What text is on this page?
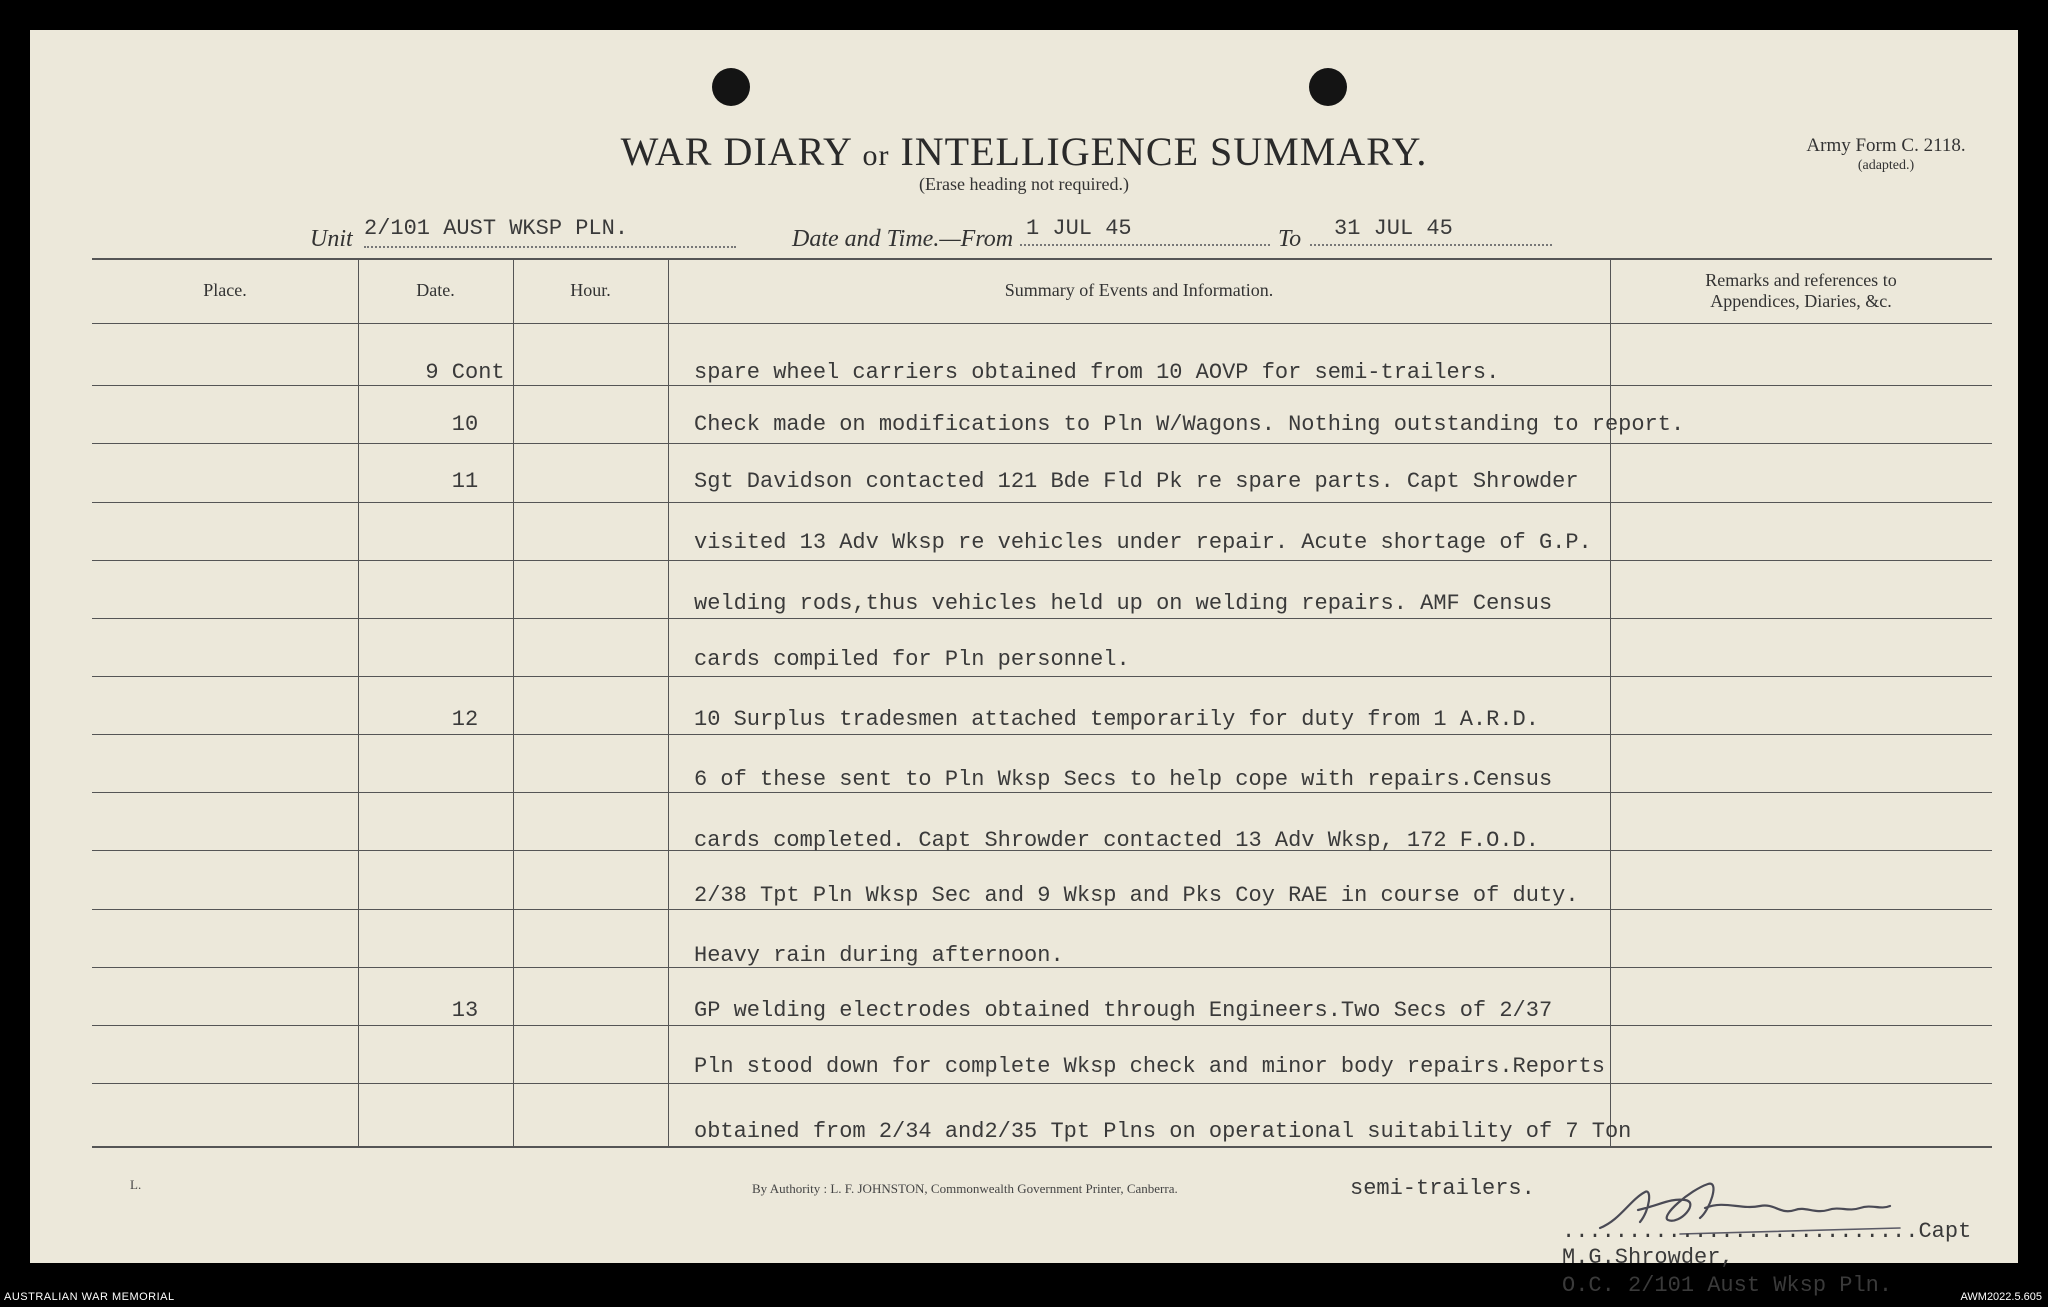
WAR DIARY or INTELLIGENCE SUMMARY.
(Erase heading not required.)
Army Form C. 2118.
(adapted.)
Unit 2/101 AUST WKSP PLN.	Date and Time.—From 1 JUL 45	To	31 JUL 45
Place.	Date.	Hour.	Summary of Events and Information.	Remarks and references to
Appendices, Diaries, &c.
9 Cont	spare wheel carriers obtained from 10 AOVP for semi-trailers.
10	Check made on modifications to Pln W/Wagons. Nothing outstanding to report.
11	Sgt Davidson contacted 121 Bde Fld Pk re spare parts. Capt Shrowder
visited 13 Adv Wksp re vehicles under repair. Acute shortage of G.P.
welding rods,thus vehicles held up on welding repairs. AMF Census
cards compiled for Pln personnel.
12	10 Surplus tradesmen attached temporarily for duty from 1 A.R.D.
6 of these sent to Pln Wksp Secs to help cope with repairs.Census
cards completed. Capt Shrowder contacted 13 Adv Wksp, 172 F.O.D.
2/38 Tpt Pln Wksp Sec and 9 Wksp and Pks Coy RAE in course of duty.
Heavy rain during afternoon.
13	GP welding electrodes obtained through Engineers.Two Secs of 2/37
Pln stood down for complete Wksp check and minor body repairs.Reports
obtained from 2/34 and2/35 Tpt Plns on operational suitability of 7 Ton
L.	By Authority : L. F. JOHNSTON, Commonwealth Government Printer, Canberra.	semi-trailers.
...........................Capt
M.G.Shrowder,
O.C. 2/101 Aust Wksp Pln.
AUSTRALIAN WAR MEMORIAL	AWM2022.5.605
